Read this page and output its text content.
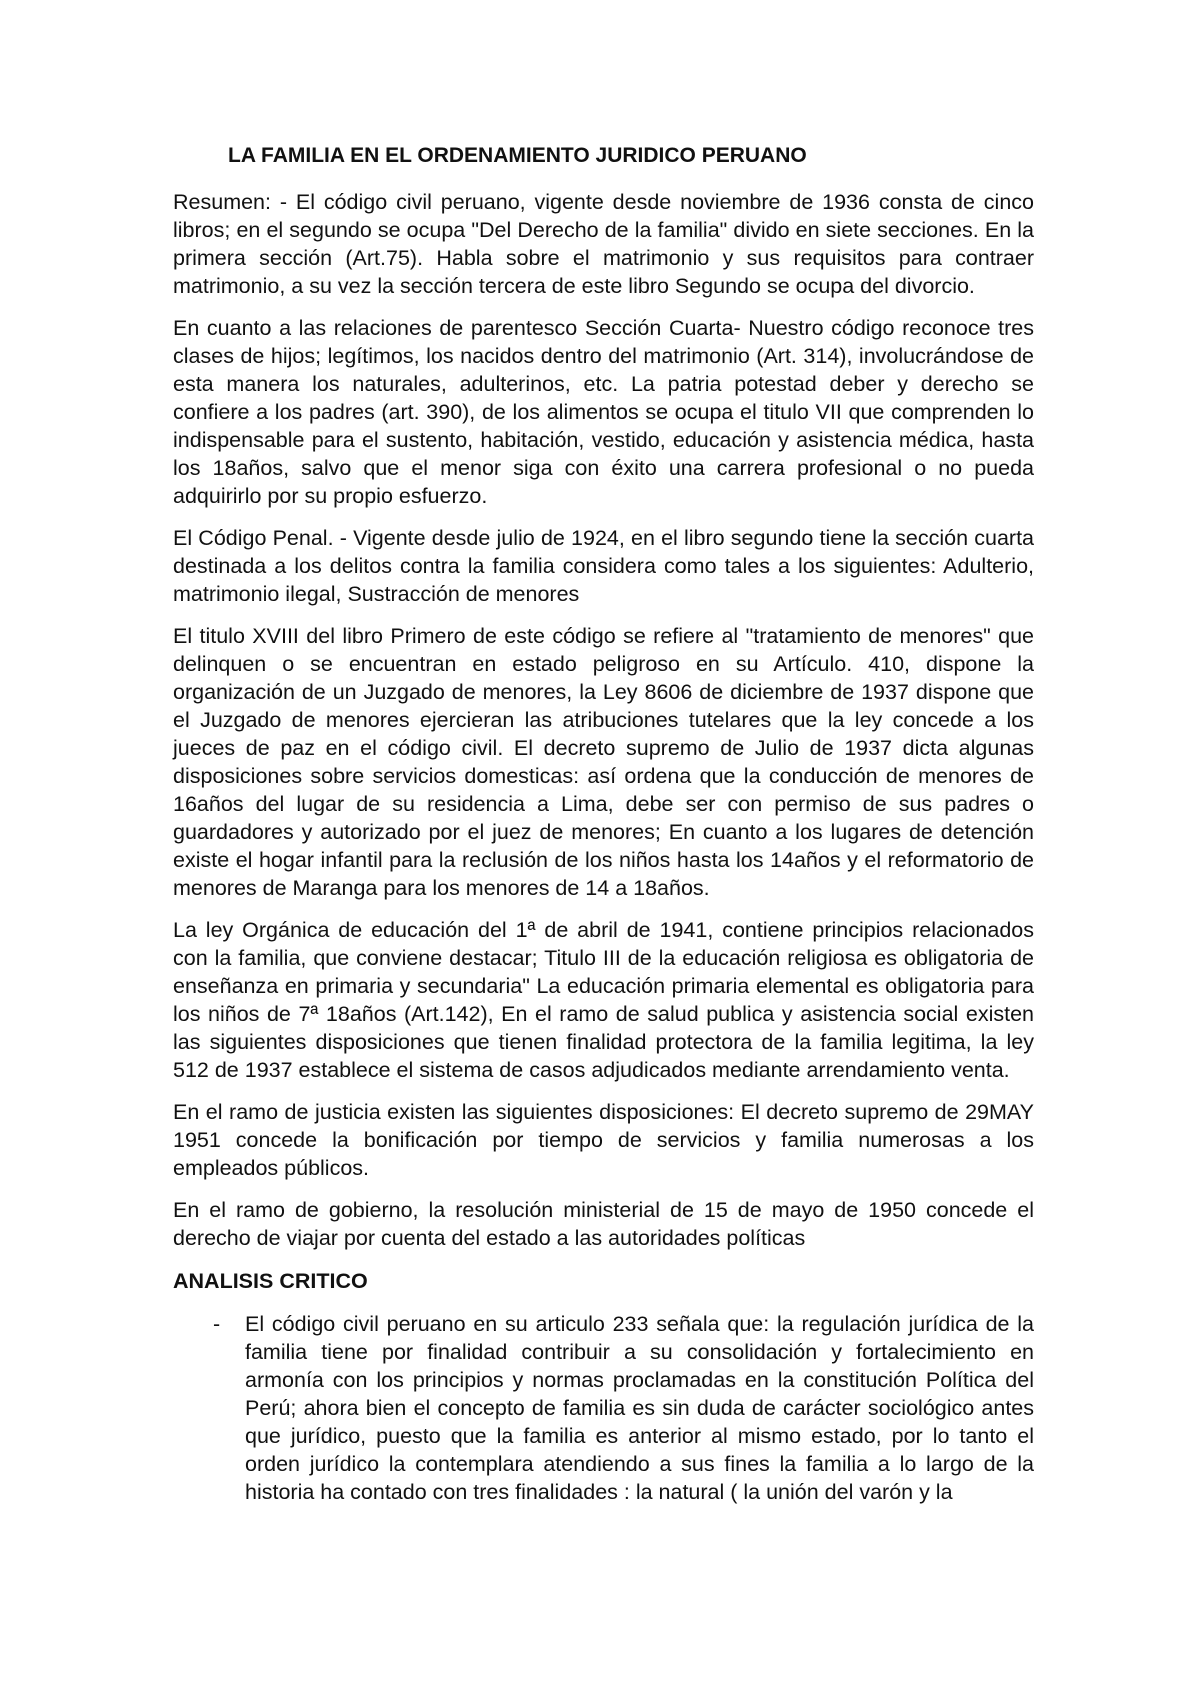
LA FAMILIA EN EL ORDENAMIENTO JURIDICO PERUANO

Resumen: - El código civil peruano, vigente desde noviembre de 1936 consta de cinco libros; en el segundo se ocupa "Del Derecho de la familia" divido en siete secciones. En la primera sección (Art.75). Habla sobre el matrimonio y sus requisitos para contraer matrimonio, a su vez la sección tercera de este libro Segundo se ocupa del divorcio.

En cuanto a las relaciones de parentesco Sección Cuarta- Nuestro código reconoce tres clases de hijos; legítimos, los nacidos dentro del matrimonio (Art. 314), involucrándose de esta manera los naturales, adulterinos, etc. La patria potestad deber y derecho se confiere a los padres (art. 390), de los alimentos se ocupa el titulo VII que comprenden lo indispensable para el sustento, habitación, vestido, educación y asistencia médica, hasta los 18años, salvo que el menor siga con éxito una carrera profesional o no pueda adquirirlo por su propio esfuerzo.

El Código Penal. - Vigente desde julio de 1924, en el libro segundo tiene la sección cuarta destinada a los delitos contra la familia considera como tales a los siguientes: Adulterio, matrimonio ilegal, Sustracción de menores

El titulo XVIII del libro Primero de este código se refiere al "tratamiento de menores" que delinquen o se encuentran en estado peligroso en su Artículo. 410, dispone la organización de un Juzgado de menores, la Ley 8606 de diciembre de 1937 dispone que el Juzgado de menores ejercieran las atribuciones tutelares que la ley concede a los jueces de paz en el código civil. El decreto supremo de Julio de 1937 dicta algunas disposiciones sobre servicios domesticas: así ordena que la conducción de menores de 16años del lugar de su residencia a Lima, debe ser con permiso de sus padres o guardadores y autorizado por el juez de menores; En cuanto a los lugares de detención existe el hogar infantil para la reclusión de los niños hasta los 14años y el reformatorio de menores de Maranga para los menores de 14 a 18años.

La ley Orgánica de educación del 1ª de abril de 1941, contiene principios relacionados con la familia, que conviene destacar; Titulo III de la educación religiosa es obligatoria de enseñanza en primaria y secundaria" La educación primaria elemental es obligatoria para los niños de 7ª 18años (Art.142), En el ramo de salud publica y asistencia social existen las siguientes disposiciones que tienen finalidad protectora de la familia legitima, la ley 512 de 1937 establece el sistema de casos adjudicados mediante arrendamiento venta.

En el ramo de justicia existen las siguientes disposiciones: El decreto supremo de 29MAY 1951 concede la bonificación por tiempo de servicios y familia numerosas a los empleados públicos.

En el ramo de gobierno, la resolución ministerial de 15 de mayo de 1950 concede el derecho de viajar por cuenta del estado a las autoridades políticas

ANALISIS CRITICO
- El código civil peruano en su articulo 233 señala que: la regulación jurídica de la familia tiene por finalidad contribuir a su consolidación y fortalecimiento en armonía con los principios y normas proclamadas en la constitución Política del Perú; ahora bien el concepto de familia es sin duda de carácter sociológico antes que jurídico, puesto que la familia es anterior al mismo estado, por lo tanto el orden jurídico la contemplara atendiendo a sus fines la familia a lo largo de la historia ha contado con tres finalidades : la natural ( la unión del varón y la
